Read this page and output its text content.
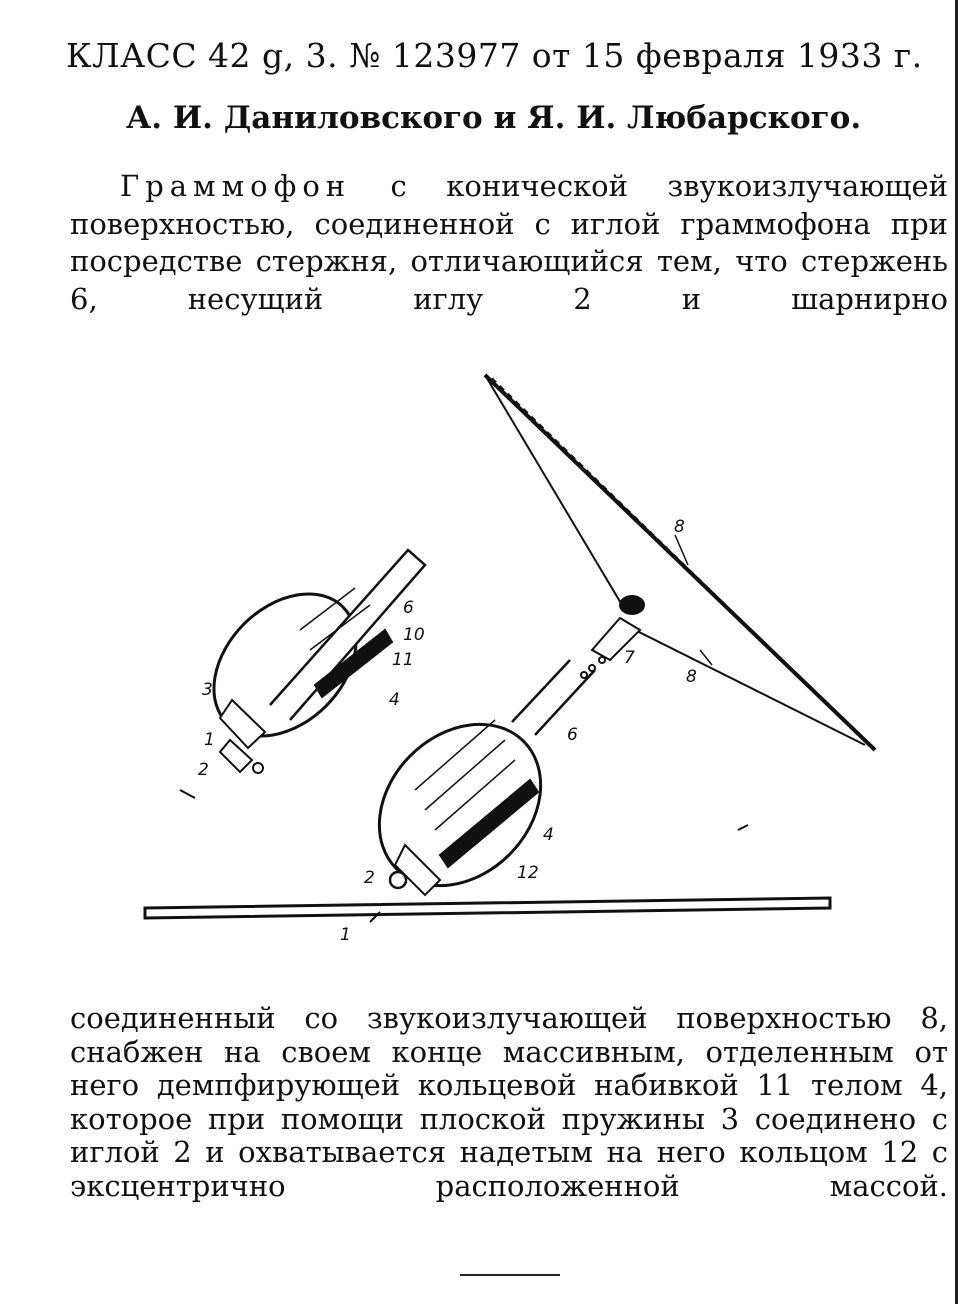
КЛАСС 42 g, 3. № 123977 от 15 февраля 1933 г.
А. И. Даниловского и Я. И. Любарского.
Граммофон с конической звукоизлучающей поверхностью, соединенной с иглой граммофона при посредстве стержня, отличающийся тем, что стержень 6, несущий иглу 2 и шарнирно
8
8
7
6
4
12
2
1
6
10
11
4
3
1
2
соединенный со звукоизлучающей поверхностью 8, снабжен на своем конце массивным, отделенным от него демпфирующей кольцевой набивкой 11 телом 4, которое при помощи плоской пружины 3 соединено с иглой 2 и охватывается надетым на него кольцом 12 с эксцентрично расположенной массой.
